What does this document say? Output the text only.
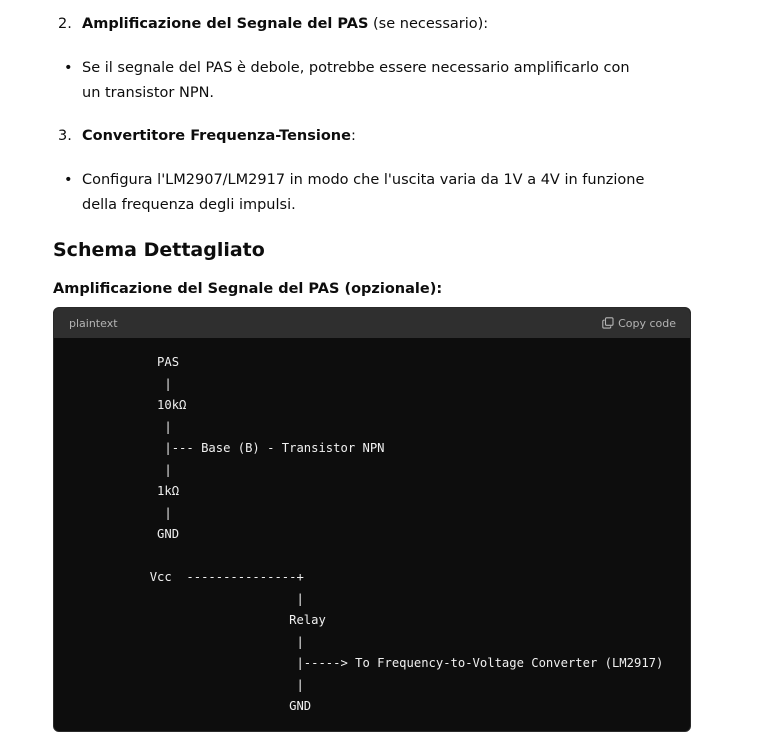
2. Amplificazione del Segnale del PAS (se necessario):
• Se il segnale del PAS è debole, potrebbe essere necessario amplificarlo con un transistor NPN.
3. Convertitore Frequenza-Tensione:
• Configura l'LM2907/LM2917 in modo che l'uscita varia da 1V a 4V in funzione della frequenza degli impulsi.
Schema Dettagliato
Amplificazione del Segnale del PAS (opzionale):
plaintext	Copy code
PAS
|
10kΩ
|
|--- Base (B) - Transistor NPN
|
1kΩ
|
GND

Vcc  ---------------+
|
Relay
|
|-----> To Frequency-to-Voltage Converter (LM2917)
|
GND
